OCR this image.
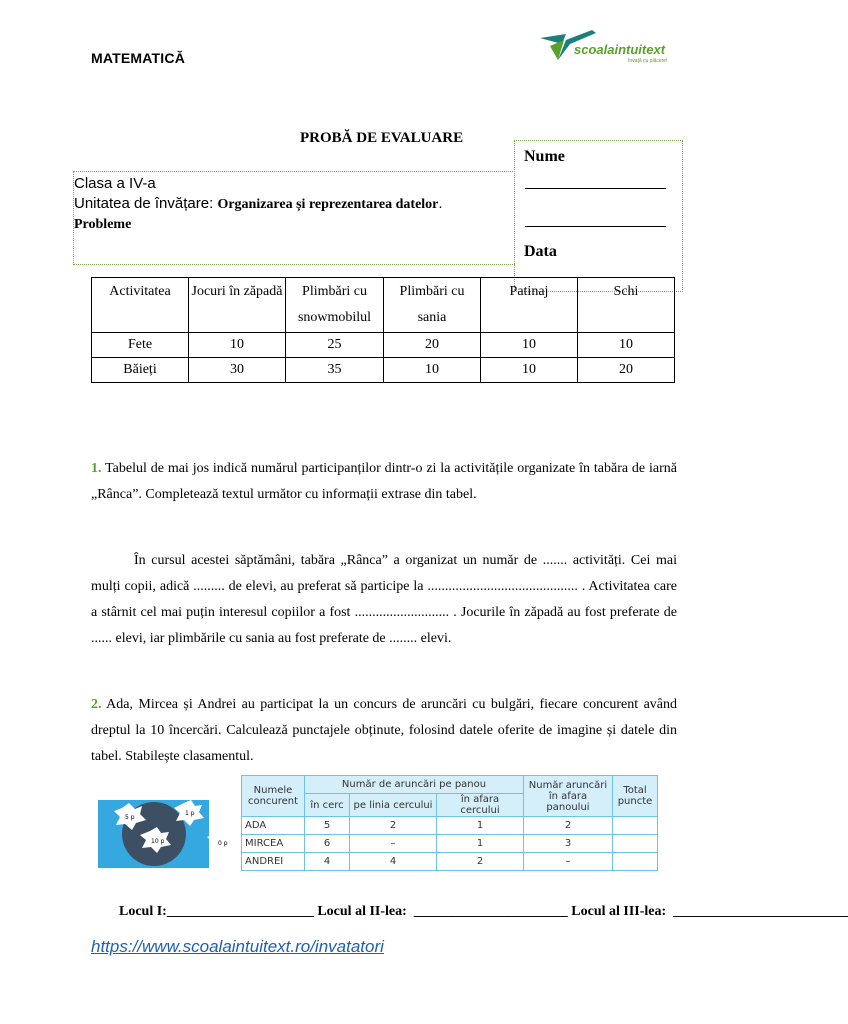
MATEMATICĂ
scoalaintuitext
învață cu plăcere!
PROBĂ DE EVALUARE
Clasa a IV-a
Unitatea de învățare: Organizarea și reprezentarea datelor.
Probleme
Nume
Data
Activitatea	Jocuri în zăpadă	Plimbări cu snowmobilul	Plimbări cu sania	Patinaj	Schi
Fete	10	25	20	10	10
Băieți	30	35	10	10	20

1. Tabelul de mai jos indică numărul participanților dintr-o zi la activitățile organizate în tabăra de iarnă „Rânca”. Completează textul următor cu informații extrase din tabel.

În cursul acestei săptămâni, tabăra „Rânca” a organizat un număr de ....... activități. Cei mai mulți copii, adică ......... de elevi, au preferat să participe la ........................................... . Activitatea care a stârnit cel mai puțin interesul copiilor a fost ........................... . Jocurile în zăpadă au fost preferate de ...... elevi, iar plimbările cu sania au fost preferate de ........ elevi.

2. Ada, Mircea și Andrei au participat la un concurs de aruncări cu bulgări, fiecare concurent având dreptul la 10 încercări. Calculează punctajele obținute, folosind datele oferite de imagine și datele din tabel. Stabilește clasamentul.

5 p
1 p
10 p	0 p
Numele concurent	Număr de aruncări pe panou			Număr aruncări în afara panoului	Total puncte
	în cerc	pe linia cercului	în afara cercului		
ADA	5	2	1	2	
MIRCEA	6	–	1	3	
ANDREI	4	4	2	–	
Locul I:_____________________ Locul al II-lea:  ______________________ Locul al III-lea:  _________________________
https://www.scoalaintuitext.ro/invatatori
